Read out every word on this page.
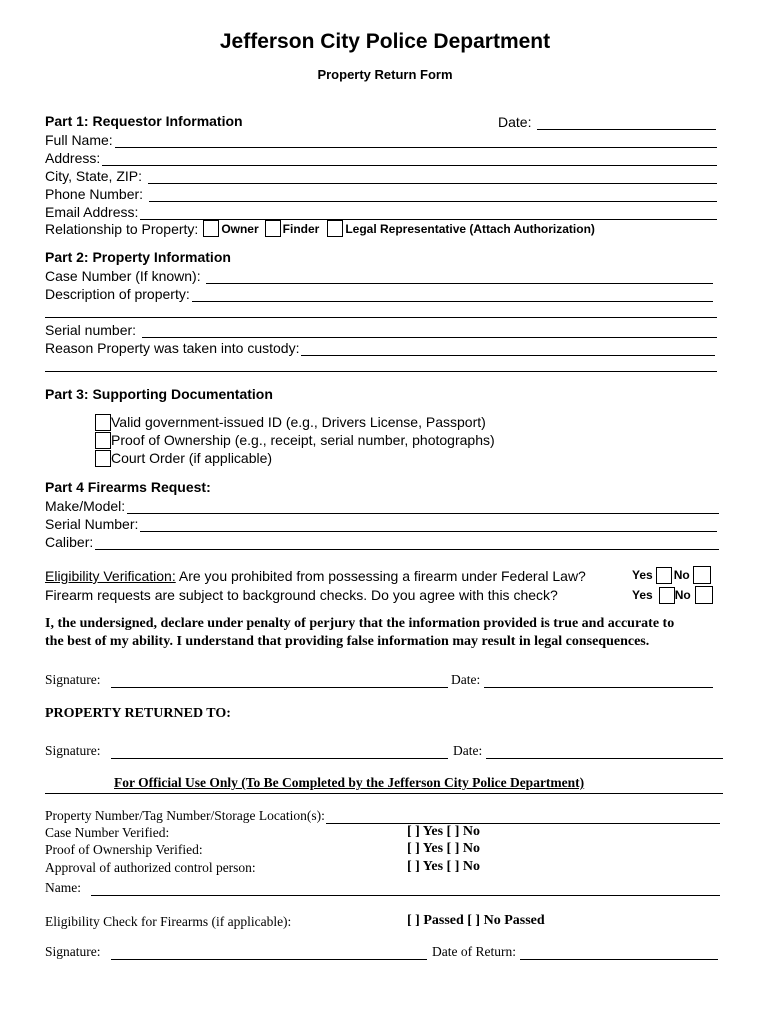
Jefferson City Police Department
Property Return Form
Part 1: Requestor Information	Date:
Full Name:
Address:
City, State, ZIP:
Phone Number:
Email Address:
Relationship to Property: Owner Finder Legal Representative (Attach Authorization)
Part 2: Property Information
Case Number (If known):
Description of property:
Serial number:
Reason Property was taken into custody:
Part 3: Supporting Documentation
Valid government-issued ID (e.g., Drivers License, Passport)
Proof of Ownership (e.g., receipt, serial number, photographs)
Court Order (if applicable)
Part 4 Firearms Request:
Make/Model:
Serial Number:
Caliber:
Eligibility Verification: Are you prohibited from possessing a firearm under Federal Law?	Yes No
Firearm requests are subject to background checks. Do you agree with this check?	Yes No
I, the undersigned, declare under penalty of perjury that the information provided is true and accurate to
the best of my ability. I understand that providing false information may result in legal consequences.
Signature:	Date:
PROPERTY RETURNED TO:
Signature:	Date:
For Official Use Only (To Be Completed by the Jefferson City Police Department)
Property Number/Tag Number/Storage Location(s):
Case Number Verified:	[ ] Yes [ ] No
Proof of Ownership Verified:	[ ] Yes [ ] No
Approval of authorized control person:	[ ] Yes [ ] No
Name:
Eligibility Check for Firearms (if applicable):	[ ] Passed [ ] No Passed
Signature:	Date of Return:
